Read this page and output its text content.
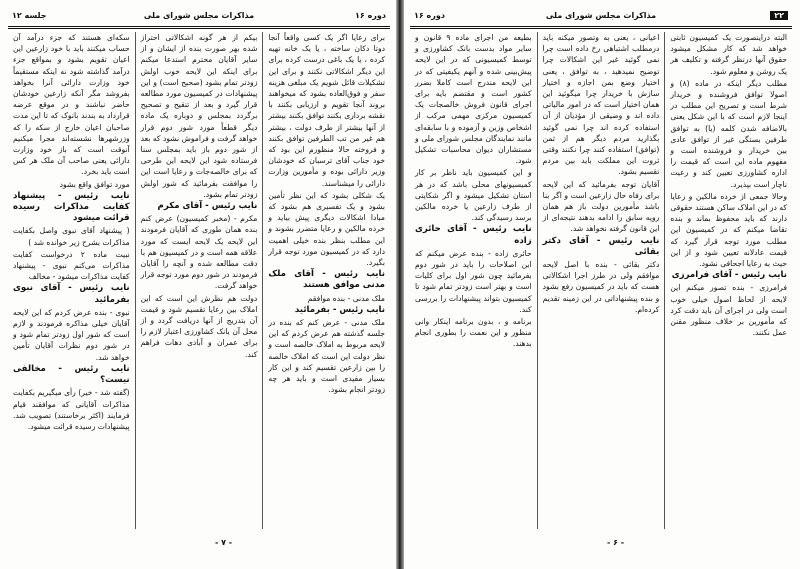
دوره ۱۶
مذاکرات مجلس شورای ملی
جلسه ۱۲

برای رعایا اگر یک کسی واقعاً آنجا دوتا دکان ساخته ، یا یک خانه تهیه کرده ، یا یک باغی درست کرده برای این دیگر اشکالاتی نکنند و برای این تشکیلات قائل شویم یک مبلغی هزینه سفر و فوق‌العاده بشود که میخواهند بروند آنجا تقویم و ارزیابی بکنند با نقشه برداری بکنند توافق بکنند بیشتر از آنها بیشتر از طرف دولت ، بیشتر هم غیر من تب الطرفین توافق بکنند و فروخته حالا منظورم این بود که خود جناب آقای ترسبان که خودشان وزیر دارائی بوده و مأمورین وزارت دارائی را میشناسند.

یک شکلی بشود که این نظر تأمین بشود و یک تفسیری هم بشود که مبادا اشکالات دیگری پیش بیاید و خرده مالکین و رعایا متضرر بشوند و این مطلب بنظر بنده خیلی اهمیت دارد که در کمیسیون مورد توجه قرار بگیرد.

نایب رئیس - آقای ملک مدنی موافق هستند

ملک مدنی - بنده موافقم

نایب رئیس - بفرمائید

ملک مدنی - عرض کنم که بنده در جلسه گذشته هم عرض کردم که این لایحه مربوط به املاک خالصه است و نظر دولت این است که املاک خالصه را بین زارعین تقسیم کند و این کار بسیار مفیدی است و باید هر چه زودتر انجام بشود.

بیکم از هر گونه اشکالاتی احتراز شده بهر صورت بنده از ایشان و از سایر آقایان محترم استدعا میکنم برای اینکه این لایحه خوب اولش زودتر تمام بشود (صحیح است) و این پیشنهادات در کمیسیون مورد مطالعه قرار گیرد و بعد از تنقیح و تصحیح برگردد بمجلس و دوباره یک ماده دیگر قطعاً مورد شور دوم قرار خواهد گرفت و فراموش نشود که بعد از شور دوم باز باید بمجلس سنا فرستاده شود این لایحه این طرحی که برای خالصه‌جات و رعایا است این را موافقت بفرمائید که شور اولش زودتر تمام بشود.

نایب رئیس - آقای مکرم

مکرم - (مخبر کمیسیون) عرض کنم بنده همان طوری که آقایان فرمودند این لایحه یک لایحه ایست که مورد علاقه همه است و در کمیسیون هم با دقت مطالعه شده و آنچه را آقایان فرمودند در شور دوم مورد توجه قرار خواهد گرفت.

دولت هم نظرش این است که این املاک بین رعایا تقسیم شود و قیمت آن بتدریج از آنها دریافت گردد و از محل آن بانک کشاورزی اعتبار لازم را برای عمران و آبادی دهات فراهم کند.

سکه‌ای هستند که جزء درآمد آن حساب میکنند باید با خود زارعین این اعیان تقویم بشود و بمواقع جزء درآمد گذاشته شود نه اینکه مستقیماً خود وزارت دارائی آنرا بخواهد بفروشد مگر آنکه زارعین خودشان حاضر نباشند و در موقع عرضه قرارداد به بندند بانوک که تا این مدت صاحبان اعیان خارج از سکه را که وزرشهرها نشسته‌اند مجرا میکنیم آنوقت است که باز خود وزارت دارائی یعنی صاحب آن ملک هر کس است باید بخرد.

مورد توافق واقع بشود

نایب رئیس - پیشنهاد کفایت مذاکرات رسیده قرائت میشود

( پیشنهاد آقای نبوی واصل بکفایت مذاکرات بشرح زیر خوانده شد )

نبیت ماده ۲ درخواست کفایت مذاکرات می‌کنم نبوی - پیشنهاد کفایت مذاکرات میشود - مخالف

نایب رئیس - آقای نبوی بفرمائید

نبوی - بنده عرض کردم که این لایحه آقایان خیلی مذاکره فرمودند و لازم است که شور اول زودتر تمام شود و در شور دوم نظرات آقایان تأمین خواهد شد.

نایب رئیس - مخالفی نیست؟

(گفته شد - خیر) رأی میگیریم بکفایت مذاکرات آقایانی که موافقند قیام فرمایند (اکثر برخاستند) تصویب شد. پیشنهادات رسیده قرائت میشود.

- ۷ -
۲۲
مذاکرات مجلس شورای ملی
دوره ۱۶

البته دراینصورت یک کمیسیون ثابتی خواهد شد که کار مشکل میشود حقوق آنها درنظر گرفته و تکلیف هر یک روشن و معلوم شود.

مطلب دیگر اینکه در ماده (۸) و اصولا توافق فروشنده و خریدار شرط است و تصریح این مطلب در اینجا لازم است که با این شکل یعنی بالاضافه شدن کلمه (یا) به توافق طرفین بستگی غیر از توافق عادی بین خریدار و فروشنده است و مفهوم ماده این است که قیمت را اداره کشاورزی تعیین کند و رعیت ناچار است بپذیرد.

وحالا جمعی از خرده مالکین و رعایا که در این املاک ساکن هستند حقوقی دارند که باید محفوظ بماند و بنده تقاضا میکنم که در کمیسیون این مطلب مورد توجه قرار گیرد که قیمت عادلانه تعیین شود و از این حیث به رعایا اجحافی نشود.

نایب رئیس - آقای فرامرزی

فرامرزی - بنده تصور میکنم این لایحه از لحاظ اصول خیلی خوب است ولی در اجرای آن باید دقت کرد که مأمورین بر خلاف منظور مقنن عمل نکنند.

اعیانی ، یعنی به وتصور میکنه باید درمطلب اشتباهی رخ داده است چرا نمی گوئید غیر این اشکالات چرا توضیح نمیدهید ، به توافق ، یعنی اختیار وضع بمن اجازه و اختیار سازش با خریدار چرا میگوئید این همان اختیار است که در امور مالیاتی داده اند و وضیقی از مؤدیان از آن استفاده کرده اند چرا نمی گوئید بگذارید مردم دیگر هم از ثمن (توافق) استفاده کنند چرا نکنند وقتی ثروت این مملکت باید بین مردم تقسیم بشود.

آقایان توجه بفرمائید که این لایحه برای رفاه حال زارعین است و اگر بنا باشد مأمورین دولت باز هم همان رویه سابق را ادامه بدهند نتیجه‌ای از این قانون گرفته نخواهد شد.

نایب رئیس - آقای دکتر بقائی

دکتر بقائی - بنده با اصل لایحه موافقم ولی در طرز اجرا اشکالاتی هست که باید در کمیسیون رفع بشود و بنده پیشنهاداتی در این زمینه تقدیم کرده‌ام.

بطیعه من اجرای ماده ۹ قانون و سایر مواد بدست بانک کشاورزی و توسط کمیسیونی که در این لایحه پیش‌بینی شده و آنهم یکیفیتی که در این لایحه مندرج است کاملا بضرر کشور است و مقتضم بایه برای اجرای قانون فروش خالصجات یک کمیسیون مرکزی مهمی مرکب از اشخاص وزین و آزموده و با سابقه‌ای مانند نمایندگان مجلس شورای ملی و مستشاران دیوان محاسبات تشکیل شود.

و این کمیسیون باید ناظر بر کار کمیسیونهای محلی باشد که در هر استان تشکیل میشود و اگر شکایتی از طرف زارعین یا خرده مالکین برسد رسیدگی کند.

نایب رئیس - آقای حائری زاده

حائری زاده - بنده عرض میکنم که این اصلاحات را باید در شور دوم بفرمائید چون شور اول برای کلیات است و بهتر است زودتر تمام شود تا کمیسیون بتواند پیشنهادات را بررسی کند.

برنامه و ، بدون برنامه اینکار وانی منظور و این نعمت را بطوری انجام بدهند.

- ۶ -
